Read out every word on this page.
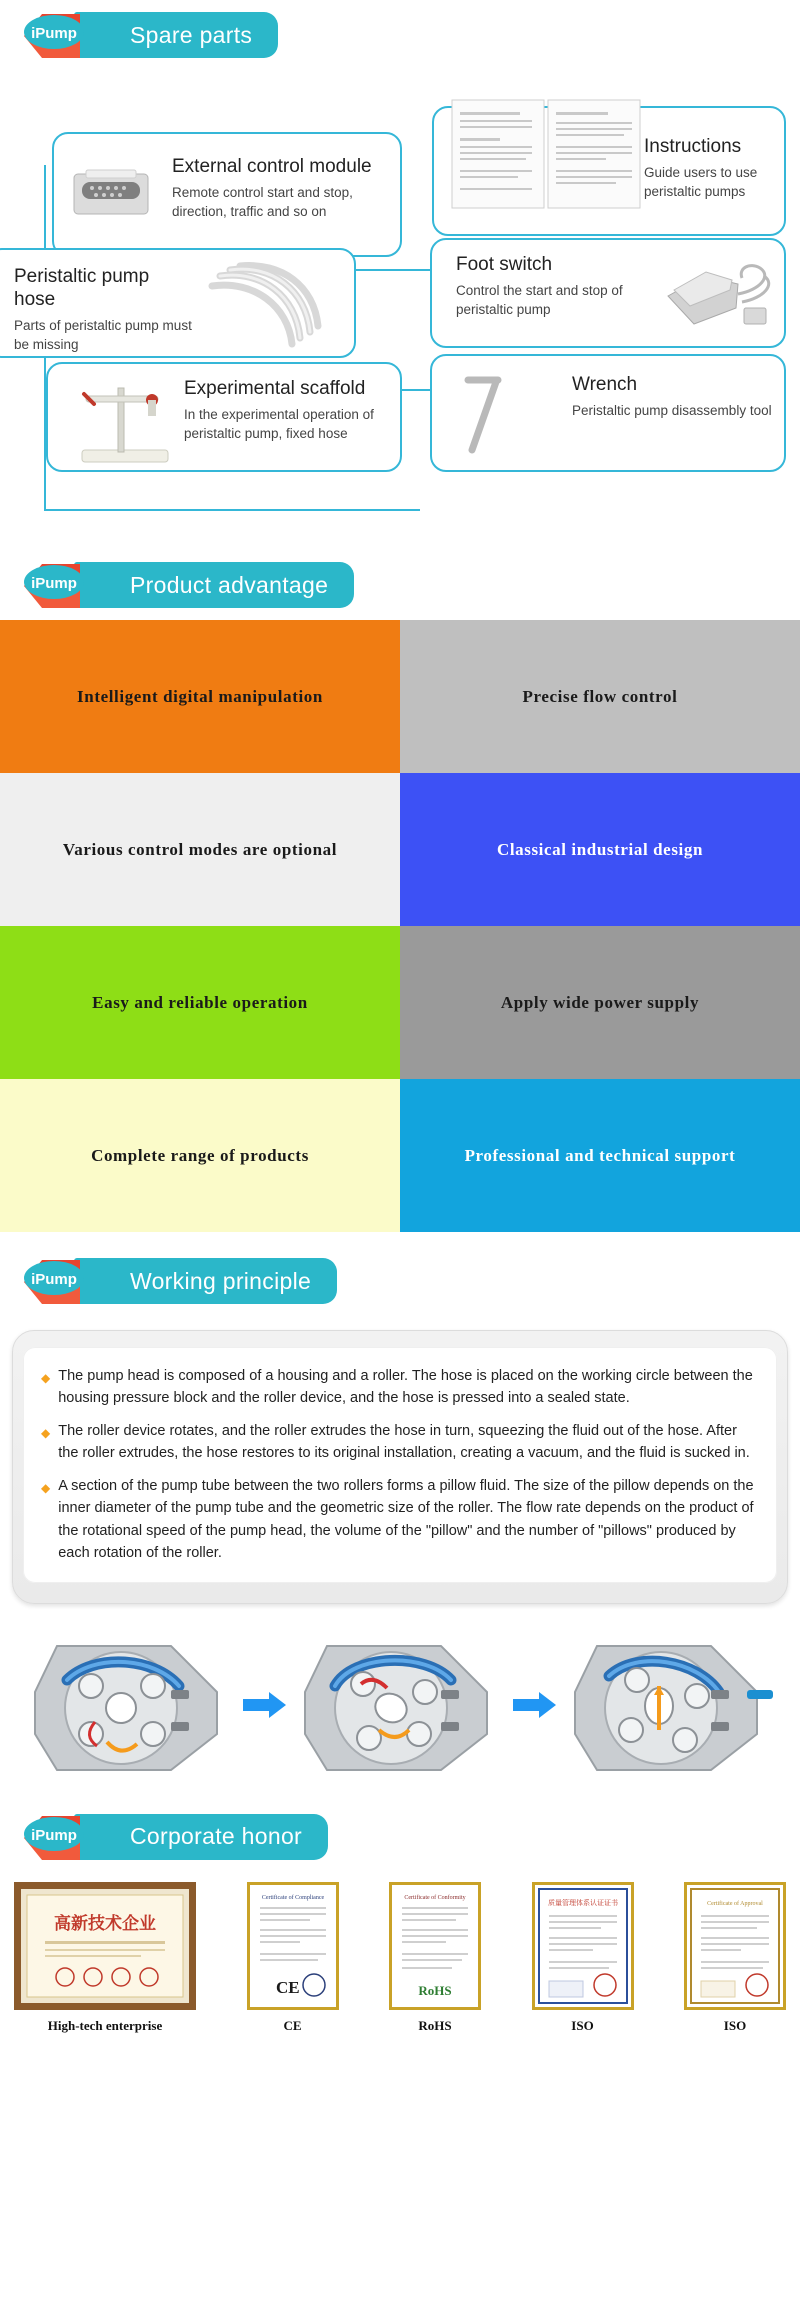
Spare parts
iPump
External control module
Remote control start and stop, direction, traffic and so on
Instructions
Guide users to use peristaltic pumps
Peristaltic pump hose
Parts of peristaltic pump must be missing
Foot switch
Control the start and stop of peristaltic pump
Experimental scaffold
In the experimental operation of peristaltic pump, fixed hose
Wrench
Peristaltic pump disassembly tool
Product advantage
iPump
Intelligent digital manipulation	Precise flow control
Various control modes are optional	Classical industrial design
Easy and reliable operation	Apply wide power supply
Complete range of products	Professional and technical support
Working principle
iPump
◆ The pump head is composed of a housing and a roller. The hose is placed on the working circle between the housing pressure block and the roller device, and the hose is pressed into a sealed state.
◆ The roller device rotates, and the roller extrudes the hose in turn, squeezing the fluid out of the hose. After the roller extrudes, the hose restores to its original installation, creating a vacuum, and the fluid is sucked in.
◆ A section of the pump tube between the two rollers forms a pillow fluid. The size of the pillow depends on the inner diameter of the pump tube and the geometric size of the roller. The flow rate depends on the product of the rotational speed of the pump head, the volume of the "pillow" and the number of "pillows" produced by each rotation of the roller.
Corporate honor
iPump
高新技术企业
High-tech enterprise
Certificate of Compliance
CE
CE
Certificate of Conformity
RoHS
RoHS
质量管理体系认证证书
ISO
Certificate of Approval
ISO
